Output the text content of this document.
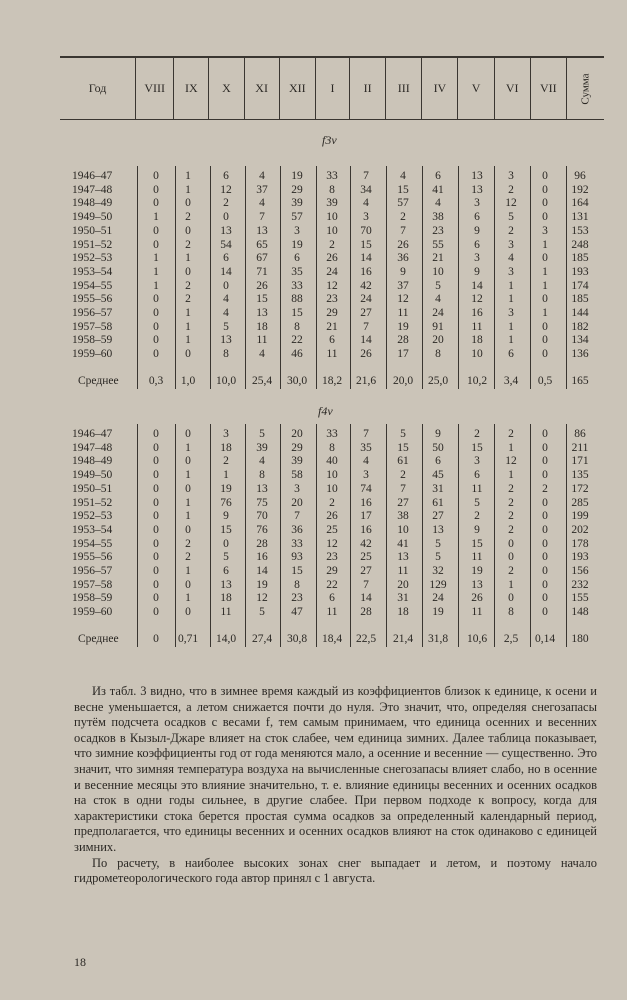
Год	VIII IX X XI XII I II III IV V VI VII Сумма
f3v
1946–47	0	1	6	4	19	33	7	4	6	13	3	0	96
1947–48	0	1	12	37	29	8	34	15	41	13	2	0	192
1948–49	0	0	2	4	39	39	4	57	4	3	12	0	164
1949–50	1	2	0	7	57	10	3	2	38	6	5	0	131
1950–51	0	0	13	13	3	10	70	7	23	9	2	3	153
1951–52	0	2	54	65	19	2	15	26	55	6	3	1	248
1952–53	1	1	6	67	6	26	14	36	21	3	4	0	185
1953–54	1	0	14	71	35	24	16	9	10	9	3	1	193
1954–55	1	2	0	26	33	12	42	37	5	14	1	1	174
1955–56	0	2	4	15	88	23	24	12	4	12	1	0	185
1956–57	0	1	4	13	15	29	27	11	24	16	3	1	144
1957–58	0	1	5	18	8	21	7	19	91	11	1	0	182
1958–59	0	1	13	11	22	6	14	28	20	18	1	0	134
1959–60	0	0	8	4	46	11	26	17	8	10	6	0	136
Среднее	0,3	1,0	10,0	25,4	30,0	18,2	21,6	20,0	25,0	10,2	3,4	0,5	165
f4v
1946–47	0	0	3	5	20	33	7	5	9	2	2	0	86
1947–48	0	1	18	39	29	8	35	15	50	15	1	0	211
1948–49	0	0	2	4	39	40	4	61	6	3	12	0	171
1949–50	0	1	1	8	58	10	3	2	45	6	1	0	135
1950–51	0	0	19	13	3	10	74	7	31	11	2	2	172
1951–52	0	1	76	75	20	2	16	27	61	5	2	0	285
1952–53	0	1	9	70	7	26	17	38	27	2	2	0	199
1953–54	0	0	15	76	36	25	16	10	13	9	2	0	202
1954–55	0	2	0	28	33	12	42	41	5	15	0	0	178
1955–56	0	2	5	16	93	23	25	13	5	11	0	0	193
1956–57	0	1	6	14	15	29	27	11	32	19	2	0	156
1957–58	0	0	13	19	8	22	7	20	129	13	1	0	232
1958–59	0	1	18	12	23	6	14	31	24	26	0	0	155
1959–60	0	0	11	5	47	11	28	18	19	11	8	0	148
Среднее	0	0,71	14,0	27,4	30,8	18,4	22,5	21,4	31,8	10,6	2,5	0,14	180

Из табл. 3 видно, что в зимнее время каждый из коэффициентов близок к единице, к осени и весне уменьшается, а летом снижается почти до нуля. Это значит, что, определяя снегозапасы путём подсчета осадков с весами f, тем самым принимаем, что единица осенних и весенних осадков в Кызыл-Джаре влияет на сток слабее, чем единица зимних. Далее таблица показывает, что зимние коэффициенты год от года меняются мало, а осенние и весенние — существенно. Это значит, что зимняя температура воздуха на вычисленные снегозапасы влияет слабо, но в осенние и весенние месяцы это влияние значительно, т. е. влияние единицы весенних и осенних осадков на сток в одни годы сильнее, в другие слабее. При первом подходе к вопросу, когда для характеристики стока берется простая сумма осадков за определенный календарный период, предполагается, что единицы весенних и осенних осадков влияют на сток одинаково с единицей зимних.

По расчету, в наиболее высоких зонах снег выпадает и летом, и поэтому начало гидрометеорологического года автор принял с 1 августа.

18
